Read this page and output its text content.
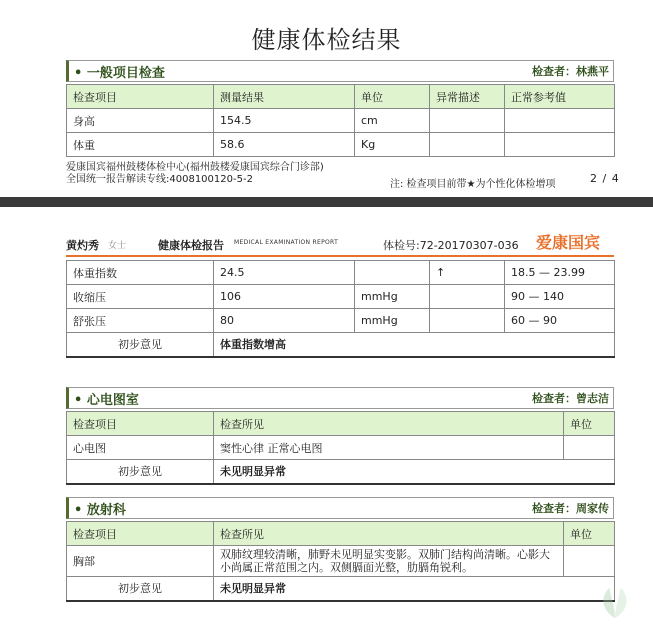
健康体检结果
• 一般项目检查	检查者：林燕平
检查项目	测量结果	单位	异常描述	正常参考值
身高	154.5	cm		
体重	58.6	Kg		
爱康国宾福州鼓楼体检中心(福州鼓楼爱康国宾综合门诊部)
全国统一报告解读专线:4008100120-5-2	注: 检查项目前带★为个性化体检增项	2 / 4
黄灼秀 女士	健康体检报告 MEDICAL EXAMINATION REPORT	体检号:72-20170307-036 爱康国宾
体重指数	24.5		↑	18.5 — 23.99
收缩压	106	mmHg		90 — 140
舒张压	80	mmHg		60 — 90
初步意见	体重指数增高			
• 心电图室	检查者：曾志洁
检查项目	检查所见	单位
心电图	窦性心律 正常心电图	
初步意见	未见明显异常	
• 放射科	检查者：周家传
检查项目	检查所见	单位
胸部	双肺纹理较清晰，肺野未见明显实变影。双肺门结构尚清晰。心影大小尚属正常范围之内。双侧膈面光整，肋膈角锐利。	
初步意见	未见明显异常	
